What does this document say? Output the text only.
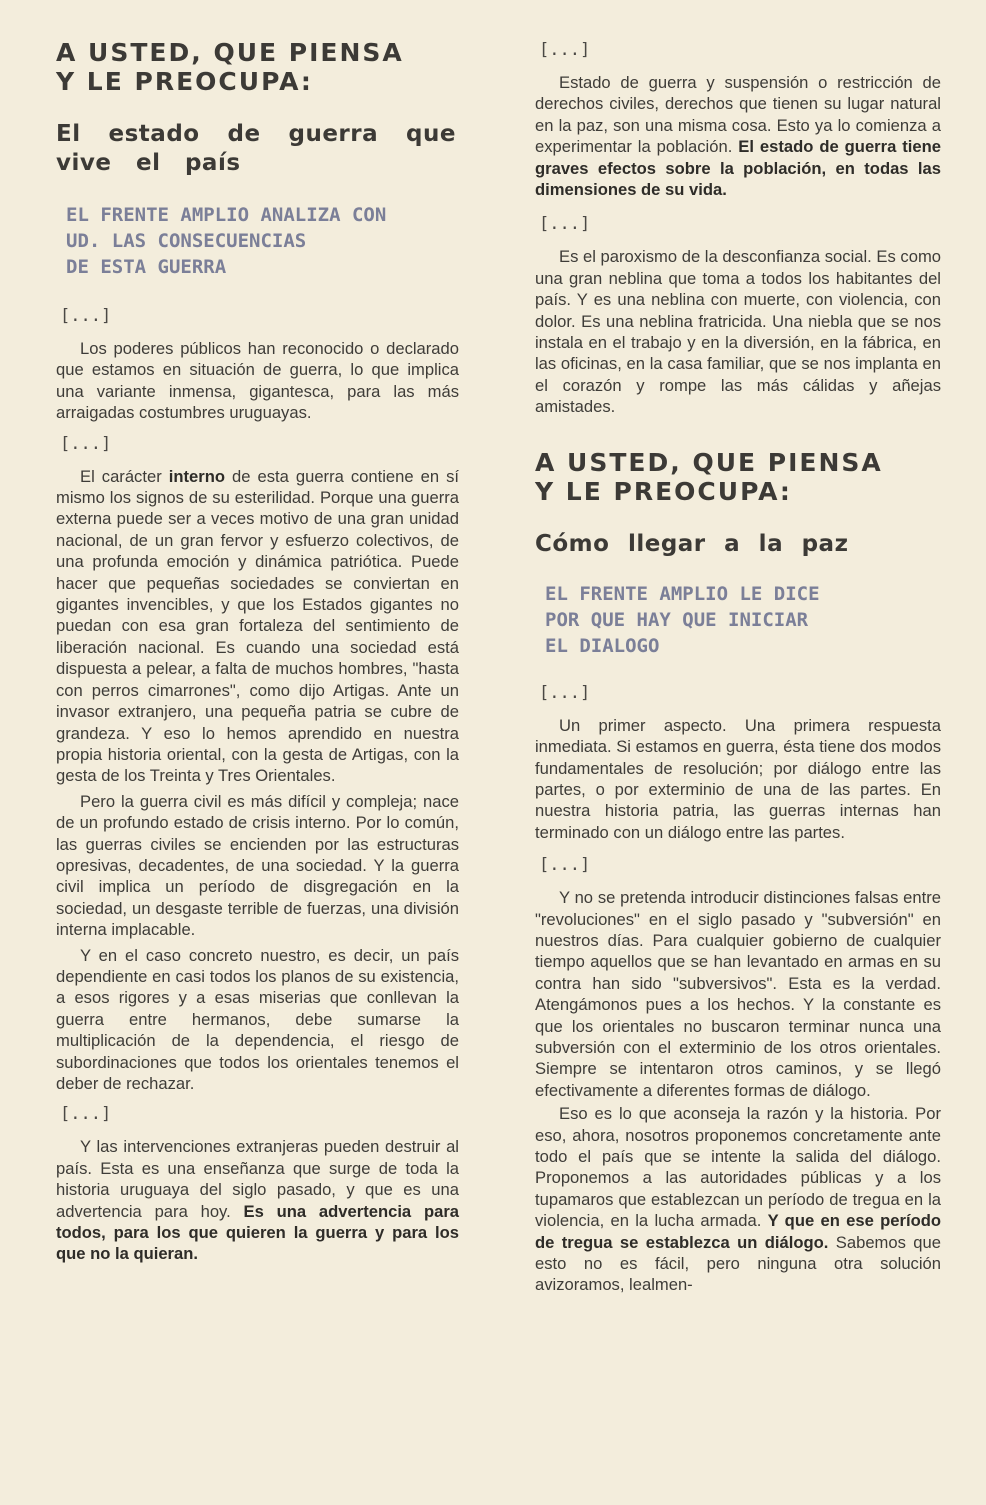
A USTED, QUE PIENSA
Y LE PREOCUPA:
El estado de guerra que vive el país
EL FRENTE AMPLIO ANALIZA CON
UD. LAS CONSECUENCIAS
DE ESTA GUERRA

[...]

Los poderes públicos han reconocido o declarado que estamos en situación de guerra, lo que implica una variante inmensa, gigantesca, para las más arraigadas costumbres uruguayas.

[...]

El carácter interno de esta guerra contiene en sí mismo los signos de su esterilidad. Porque una guerra externa puede ser a veces motivo de una gran unidad nacional, de un gran fervor y esfuerzo colectivos, de una profunda emoción y dinámica patriótica. Puede hacer que pequeñas sociedades se conviertan en gigantes invencibles, y que los Estados gigantes no puedan con esa gran fortaleza del sentimiento de liberación nacional. Es cuando una sociedad está dispuesta a pelear, a falta de muchos hombres, "hasta con perros cimarrones", como dijo Artigas. Ante un invasor extranjero, una pequeña patria se cubre de grandeza. Y eso lo hemos aprendido en nuestra propia historia oriental, con la gesta de Artigas, con la gesta de los Treinta y Tres Orientales.

Pero la guerra civil es más difícil y compleja; nace de un profundo estado de crisis interno. Por lo común, las guerras civiles se encienden por las estructuras opresivas, decadentes, de una sociedad. Y la guerra civil implica un período de disgregación en la sociedad, un desgaste terrible de fuerzas, una división interna implacable.

Y en el caso concreto nuestro, es decir, un país dependiente en casi todos los planos de su existencia, a esos rigores y a esas miserias que conllevan la guerra entre hermanos, debe sumarse la multiplicación de la dependencia, el riesgo de subordinaciones que todos los orientales tenemos el deber de rechazar.

[...]

Y las intervenciones extranjeras pueden destruir al país. Esta es una enseñanza que surge de toda la historia uruguaya del siglo pasado, y que es una advertencia para hoy. Es una advertencia para todos, para los que quieren la guerra y para los que no la quieran.

[...]

Estado de guerra y suspensión o restricción de derechos civiles, derechos que tienen su lugar natural en la paz, son una misma cosa. Esto ya lo comienza a experimentar la población. El estado de guerra tiene graves efectos sobre la población, en todas las dimensiones de su vida.

[...]

Es el paroxismo de la desconfianza social. Es como una gran neblina que toma a todos los habitantes del país. Y es una neblina con muerte, con violencia, con dolor. Es una neblina fratricida. Una niebla que se nos instala en el trabajo y en la diversión, en la fábrica, en las oficinas, en la casa familiar, que se nos implanta en el corazón y rompe las más cálidas y añejas amistades.

A USTED, QUE PIENSA
Y LE PREOCUPA:
Cómo llegar a la paz
EL FRENTE AMPLIO LE DICE
POR QUE HAY QUE INICIAR
EL DIALOGO

[...]

Un primer aspecto. Una primera respuesta inmediata. Si estamos en guerra, ésta tiene dos modos fundamentales de resolución; por diálogo entre las partes, o por exterminio de una de las partes. En nuestra historia patria, las guerras internas han terminado con un diálogo entre las partes.

[...]

Y no se pretenda introducir distinciones falsas entre "revoluciones" en el siglo pasado y "subversión" en nuestros días. Para cualquier gobierno de cualquier tiempo aquellos que se han levantado en armas en su contra han sido "subversivos". Esta es la verdad. Atengámonos pues a los hechos. Y la constante es que los orientales no buscaron terminar nunca una subversión con el exterminio de los otros orientales. Siempre se intentaron otros caminos, y se llegó efectivamente a diferentes formas de diálogo.

Eso es lo que aconseja la razón y la historia. Por eso, ahora, nosotros proponemos concretamente ante todo el país que se intente la salida del diálogo. Proponemos a las autoridades públicas y a los tupamaros que establezcan un período de tregua en la violencia, en la lucha armada. Y que en ese período de tregua se establezca un diálogo. Sabemos que esto no es fácil, pero ninguna otra solución avizoramos, lealmen-
